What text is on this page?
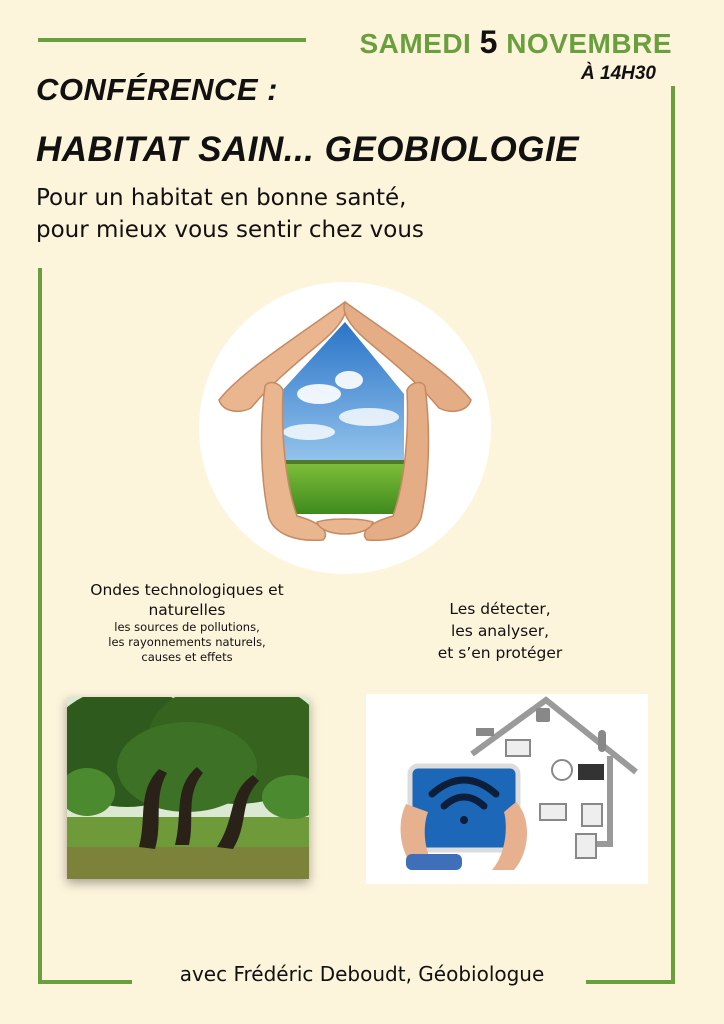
SAMEDI 5 NOVEMBRE
À 14H30
CONFÉRENCE :
HABITAT SAIN... GEOBIOLOGIE
Pour un habitat en bonne santé,
pour mieux vous sentir chez vous
Ondes technologiques et
naturelles
les sources de pollutions,
les rayonnements naturels,
causes et effets
Les détecter,
les analyser,
et s’en protéger
avec Frédéric Deboudt, Géobiologue
